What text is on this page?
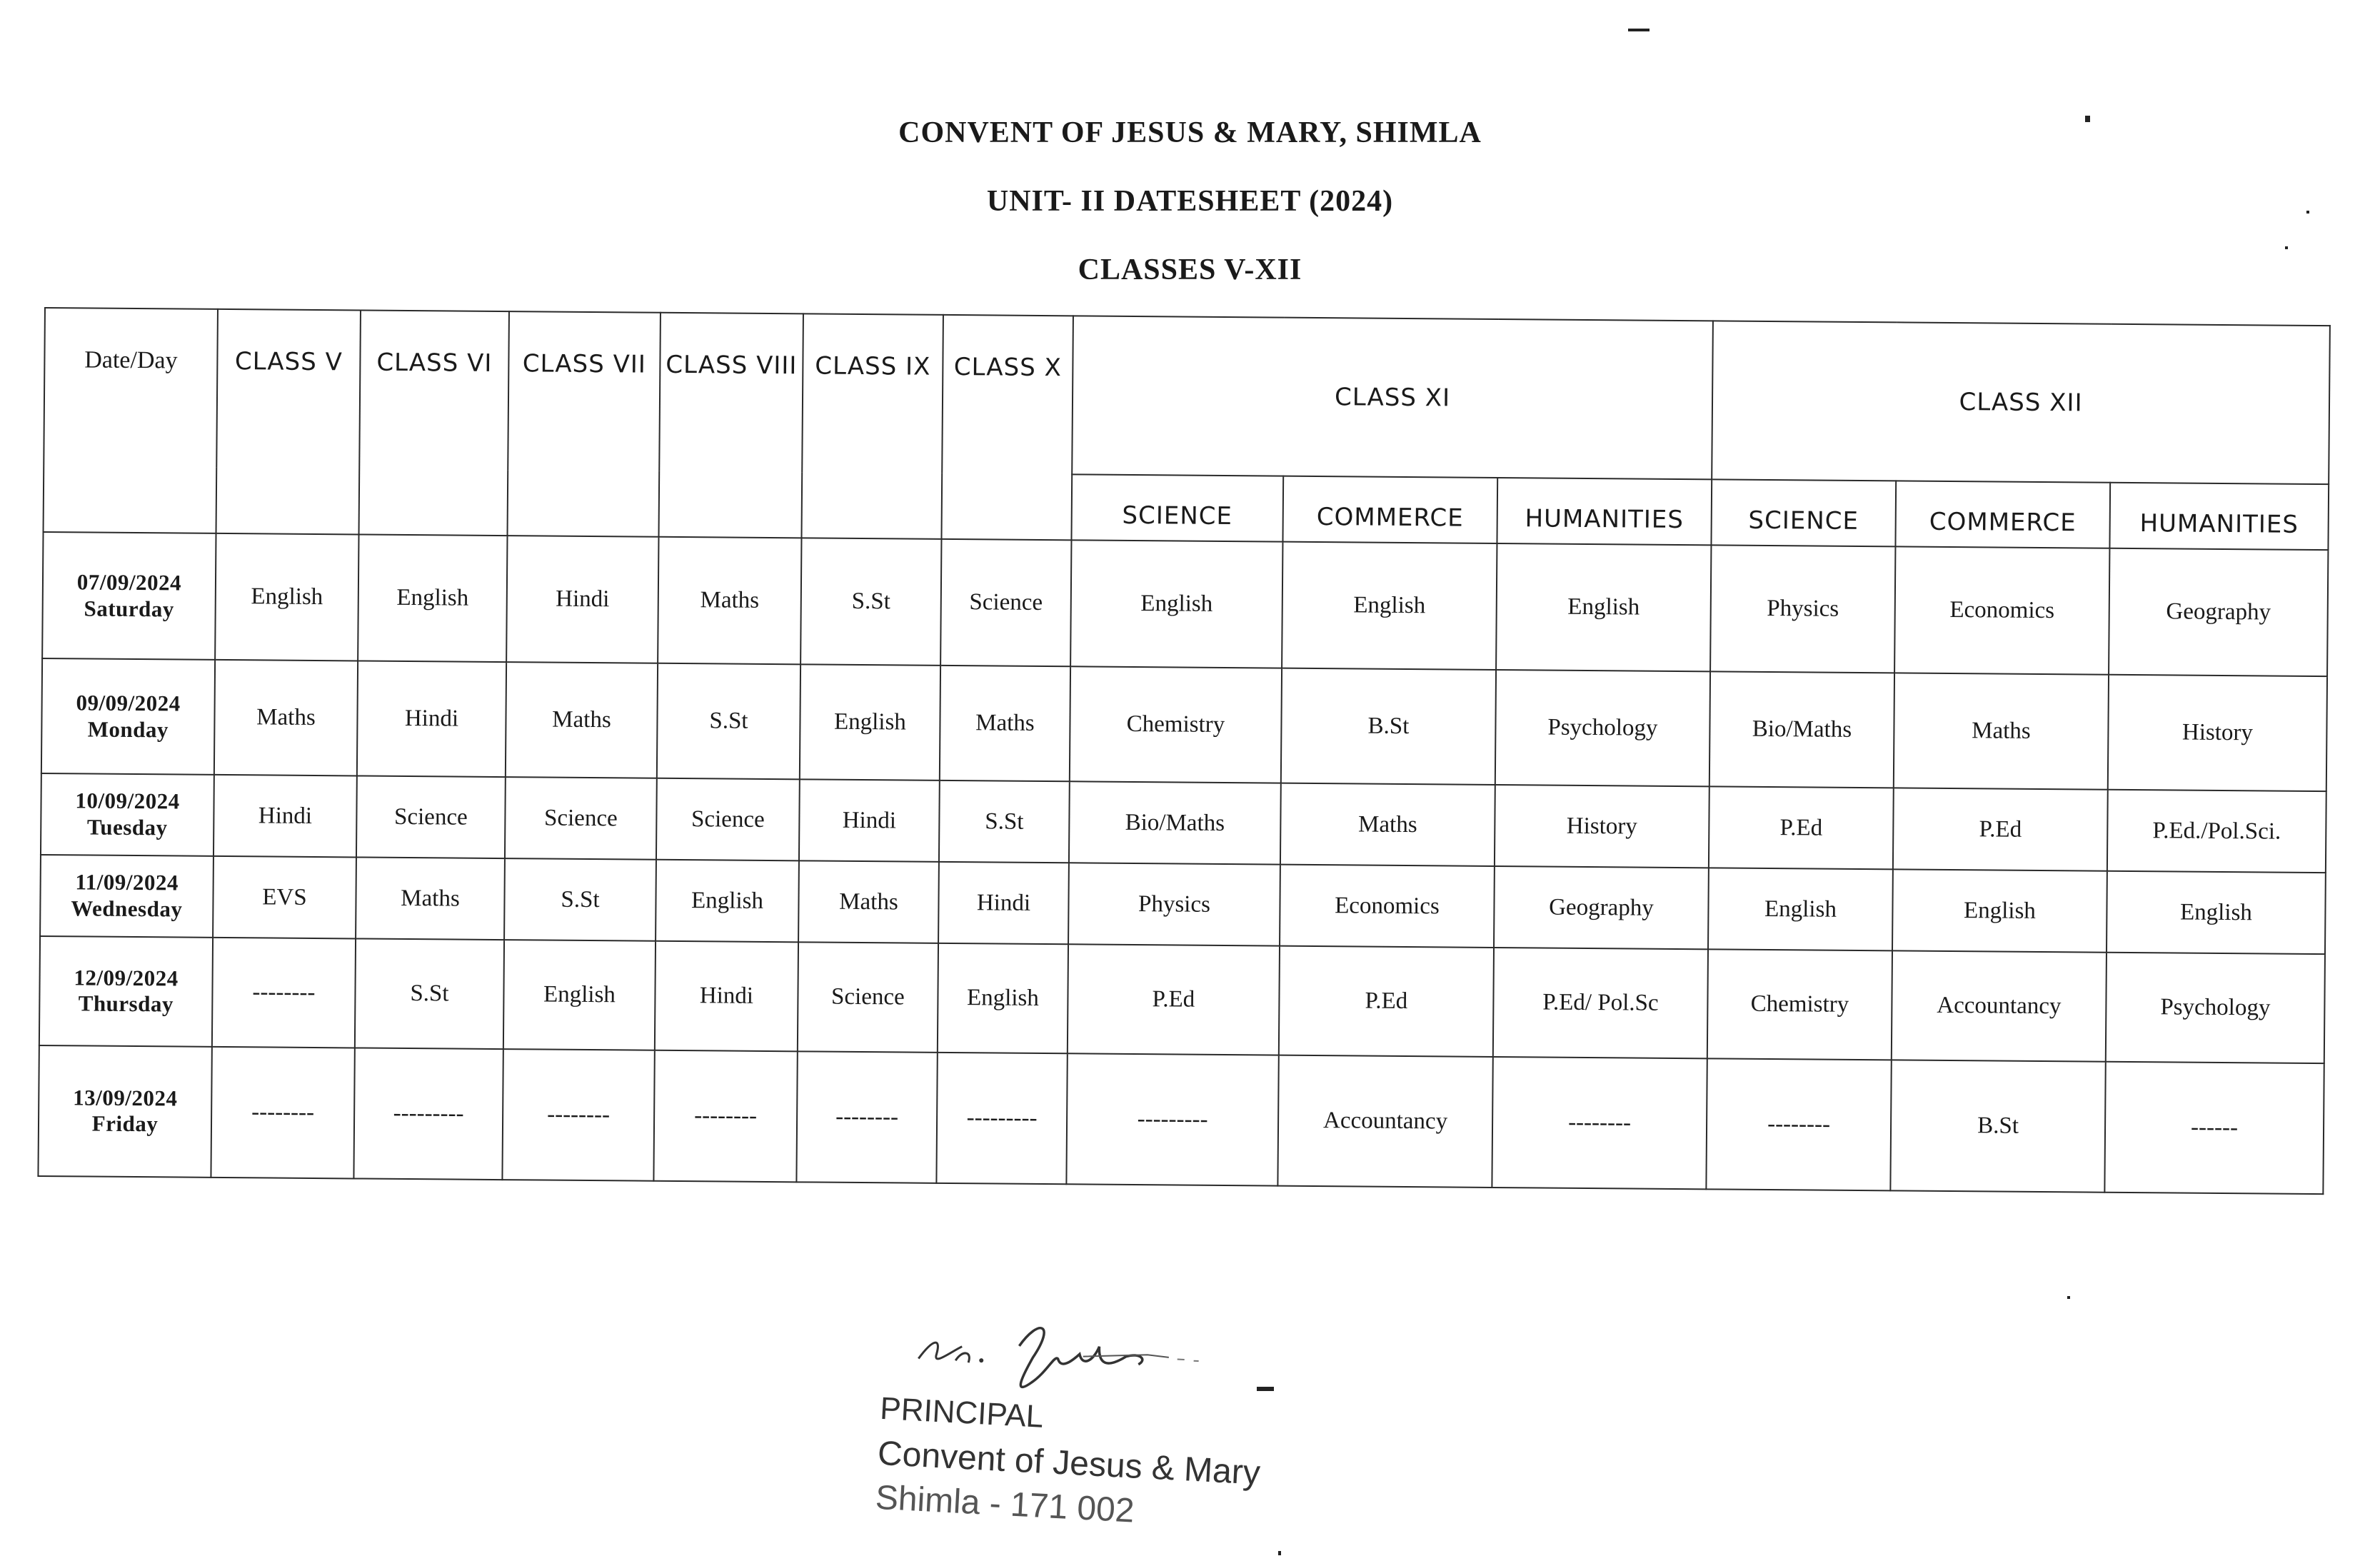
CONVENT OF JESUS & MARY, SHIMLA
UNIT- II DATESHEET (2024)
CLASSES V-XII
Date/Day	CLASS V	CLASS VI	CLASS VII	CLASS VIII	CLASS IX	CLASS X	CLASS XI			CLASS XII		
							SCIENCE	COMMERCE	HUMANITIES	SCIENCE	COMMERCE	HUMANITIES

07/09/2024
Saturday	English	English	Hindi	Maths	S.St	Science	English	English	English	Physics	Economics	Geography

09/09/2024
Monday	Maths	Hindi	Maths	S.St	English	Maths	Chemistry	B.St	Psychology	Bio/Maths	Maths	History

10/09/2024
Tuesday	Hindi	Science	Science	Science	Hindi	S.St	Bio/Maths	Maths	History	P.Ed	P.Ed	P.Ed./Pol.Sci.

11/09/2024
Wednesday	EVS	Maths	S.St	English	Maths	Hindi	Physics	Economics	Geography	English	English	English

12/09/2024
Thursday	--------	S.St	English	Hindi	Science	English	P.Ed	P.Ed	P.Ed/ Pol.Sc	Chemistry	Accountancy	Psychology

13/09/2024
Friday	--------	---------	--------	--------	--------	---------	---------	Accountancy	--------	--------	B.St	------
PRINCIPAL
Convent of Jesus & Mary
Shimla - 171 002
